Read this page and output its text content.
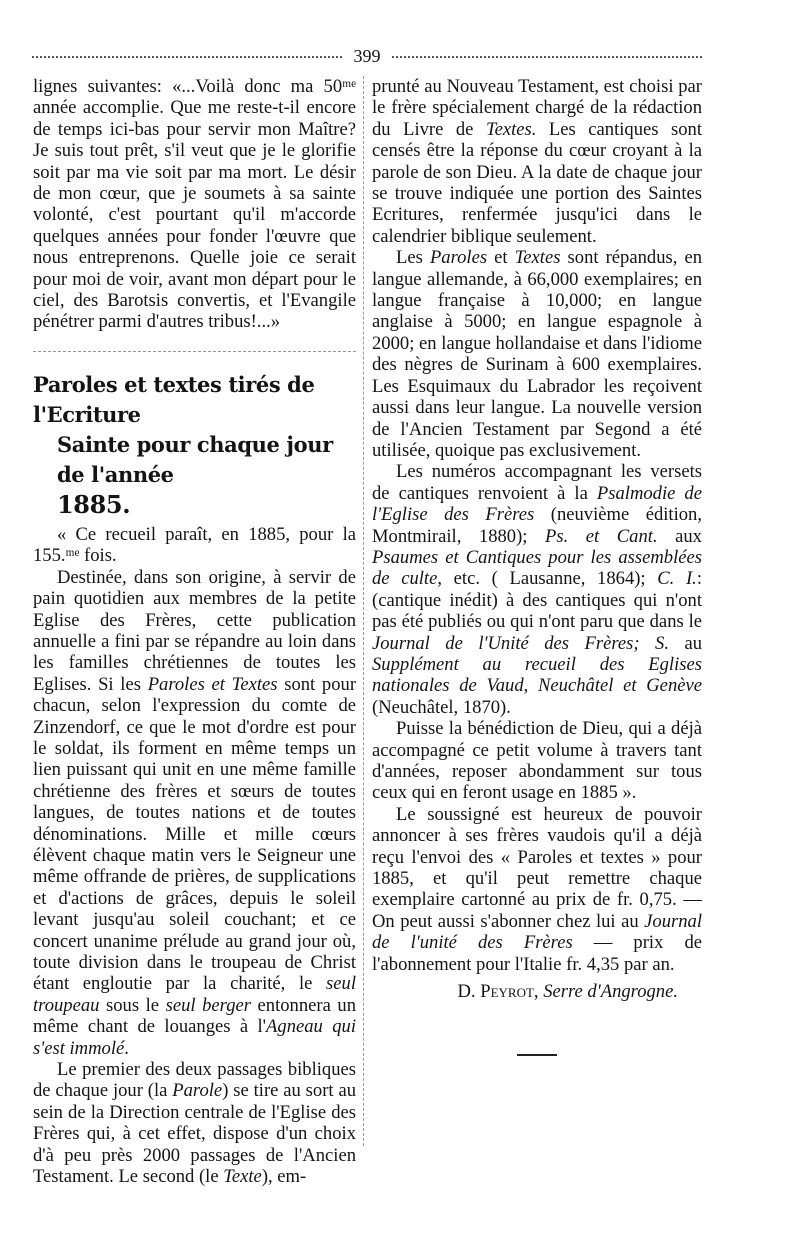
399

lignes suivantes: «...Voilà donc ma 50ᵐᵉ année accomplie. Que me reste-t-il encore de temps ici-bas pour servir mon Maître? Je suis tout prêt, s'il veut que je le glorifie soit par ma vie soit par ma mort. Le désir de mon cœur, que je soumets à sa sainte volonté, c'est pourtant qu'il m'accorde quelques années pour fonder l'œuvre que nous entreprenons. Quelle joie ce serait pour moi de voir, avant mon départ pour le ciel, des Barotsis convertis, et l'Evangile pénétrer parmi d'autres tribus!...»

Paroles et textes tirés de l'Ecriture
Sainte pour chaque jour de l'année
1885.

« Ce recueil paraît, en 1885, pour la 155.ᵐᵉ fois.

Destinée, dans son origine, à servir de pain quotidien aux membres de la petite Eglise des Frères, cette publication annuelle a fini par se répandre au loin dans les familles chrétiennes de toutes les Eglises. Si les Paroles et Textes sont pour chacun, selon l'expression du comte de Zinzendorf, ce que le mot d'ordre est pour le soldat, ils forment en même temps un lien puissant qui unit en une même famille chrétienne des frères et sœurs de toutes langues, de toutes nations et de toutes dénominations. Mille et mille cœurs élèvent chaque matin vers le Seigneur une même offrande de prières, de supplications et d'actions de grâces, depuis le soleil levant jusqu'au soleil couchant; et ce concert unanime prélude au grand jour où, toute division dans le troupeau de Christ étant engloutie par la charité, le seul troupeau sous le seul berger entonnera un même chant de louanges à l'Agneau qui s'est immolé.

Le premier des deux passages bibliques de chaque jour (la Parole) se tire au sort au sein de la Direction centrale de l'Eglise des Frères qui, à cet effet, dispose d'un choix d'à peu près 2000 passages de l'Ancien Testament. Le second (le Texte), em-

prunté au Nouveau Testament, est choisi par le frère spécialement chargé de la rédaction du Livre de Textes. Les cantiques sont censés être la réponse du cœur croyant à la parole de son Dieu. A la date de chaque jour se trouve indiquée une portion des Saintes Ecritures, renfermée jusqu'ici dans le calendrier biblique seulement.

Les Paroles et Textes sont répandus, en langue allemande, à 66,000 exemplaires; en langue française à 10,000; en langue anglaise à 5000; en langue espagnole à 2000; en langue hollandaise et dans l'idiome des nègres de Surinam à 600 exemplaires. Les Esquimaux du Labrador les reçoivent aussi dans leur langue. La nouvelle version de l'Ancien Testament par Segond a été utilisée, quoique pas exclusivement.

Les numéros accompagnant les versets de cantiques renvoient à la Psalmodie de l'Eglise des Frères (neuvième édition, Montmirail, 1880); Ps. et Cant. aux Psaumes et Cantiques pour les assemblées de culte, etc. ( Lausanne, 1864); C. I.: (cantique inédit) à des cantiques qui n'ont pas été publiés ou qui n'ont paru que dans le Journal de l'Unité des Frères; S. au Supplément au recueil des Eglises nationales de Vaud, Neuchâtel et Genève (Neuchâtel, 1870).

Puisse la bénédiction de Dieu, qui a déjà accompagné ce petit volume à travers tant d'années, reposer abondamment sur tous ceux qui en feront usage en 1885 ».

Le soussigné est heureux de pouvoir annoncer à ses frères vaudois qu'il a déjà reçu l'envoi des « Paroles et textes » pour 1885, et qu'il peut remettre chaque exemplaire cartonné au prix de fr. 0,75. — On peut aussi s'abonner chez lui au Journal de l'unité des Frères — prix de l'abonnement pour l'Italie fr. 4,35 par an.

D. Peyrot, Serre d'Angrogne.
